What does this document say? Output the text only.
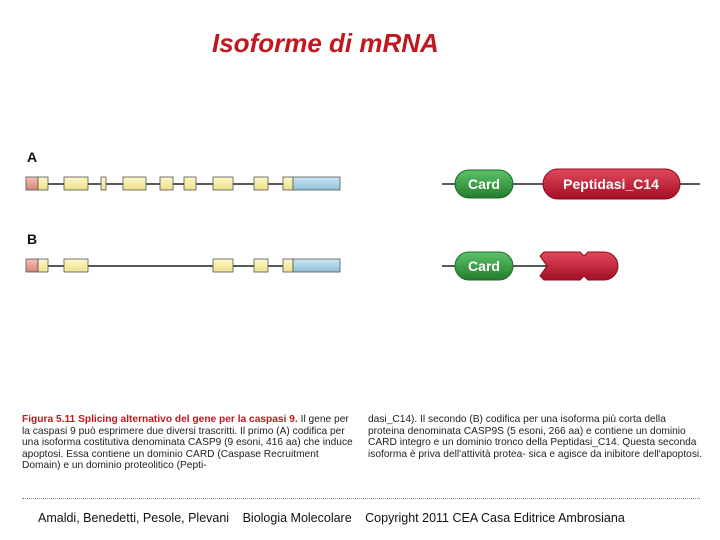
Isoforme di mRNA
A
B
Card	Peptidasi_C14
Card
Figura 5.11 Splicing alternativo del gene per la caspasi 9. Il gene per la caspasi 9 può esprimere due diversi trascritti. Il primo (A) codifica per una isoforma costitutiva denominata CASP9 (9 esoni, 416 aa) che induce apoptosi. Essa contiene un dominio CARD (Caspase Recruitment Domain) e un dominio proteolitico (Pepti-
dasi_C14). Il secondo (B) codifica per una isoforma più corta della proteina denominata CASP9S (5 esoni, 266 aa) e contiene un dominio CARD integro e un dominio tronco della Peptidasi_C14. Questa seconda isoforma è priva dell'attività protea- sica e agisce da inibitore dell'apoptosi.
Amaldi, Benedetti, Pesole, Plevani Biologia Molecolare Copyright 2011 CEA Casa Editrice Ambrosiana
